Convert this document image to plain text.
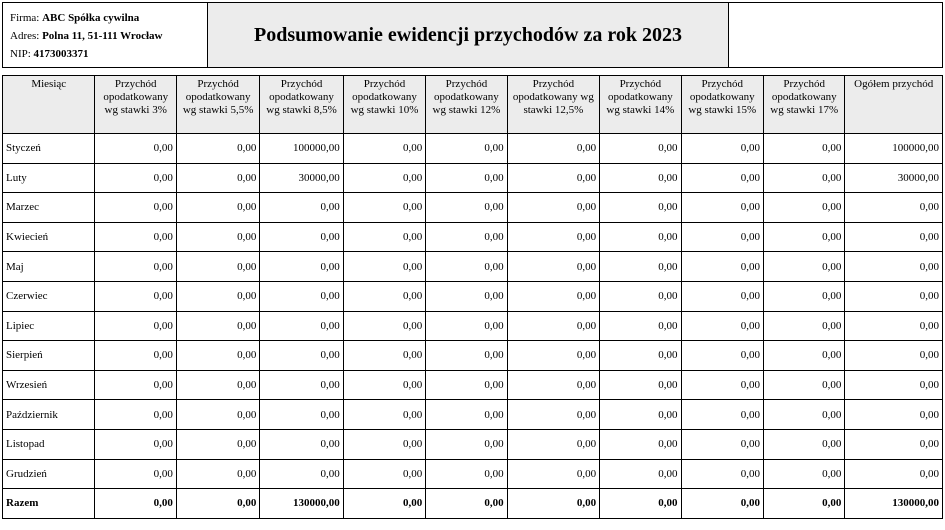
Firma: ABC Spółka cywilna
Adres: Polna 11, 51-111 Wrocław
NIP: 4173003371
Podsumowanie ewidencji przychodów za rok 2023
Miesiąc	Przychód opodatkowany wg stawki 3%	Przychód opodatkowany wg stawki 5,5%	Przychód opodatkowany wg stawki 8,5%	Przychód opodatkowany wg stawki 10%	Przychód opodatkowany wg stawki 12%	Przychód opodatkowany wg stawki 12,5%	Przychód opodatkowany wg stawki 14%	Przychód opodatkowany wg stawki 15%	Przychód opodatkowany wg stawki 17%	Ogółem przychód
Styczeń	0,00	0,00	100000,00	0,00	0,00	0,00	0,00	0,00	0,00	100000,00
Luty	0,00	0,00	30000,00	0,00	0,00	0,00	0,00	0,00	0,00	30000,00
Marzec	0,00	0,00	0,00	0,00	0,00	0,00	0,00	0,00	0,00	0,00
Kwiecień	0,00	0,00	0,00	0,00	0,00	0,00	0,00	0,00	0,00	0,00
Maj	0,00	0,00	0,00	0,00	0,00	0,00	0,00	0,00	0,00	0,00
Czerwiec	0,00	0,00	0,00	0,00	0,00	0,00	0,00	0,00	0,00	0,00
Lipiec	0,00	0,00	0,00	0,00	0,00	0,00	0,00	0,00	0,00	0,00
Sierpień	0,00	0,00	0,00	0,00	0,00	0,00	0,00	0,00	0,00	0,00
Wrzesień	0,00	0,00	0,00	0,00	0,00	0,00	0,00	0,00	0,00	0,00
Październik	0,00	0,00	0,00	0,00	0,00	0,00	0,00	0,00	0,00	0,00
Listopad	0,00	0,00	0,00	0,00	0,00	0,00	0,00	0,00	0,00	0,00
Grudzień	0,00	0,00	0,00	0,00	0,00	0,00	0,00	0,00	0,00	0,00
Razem	0,00	0,00	130000,00	0,00	0,00	0,00	0,00	0,00	0,00	130000,00
